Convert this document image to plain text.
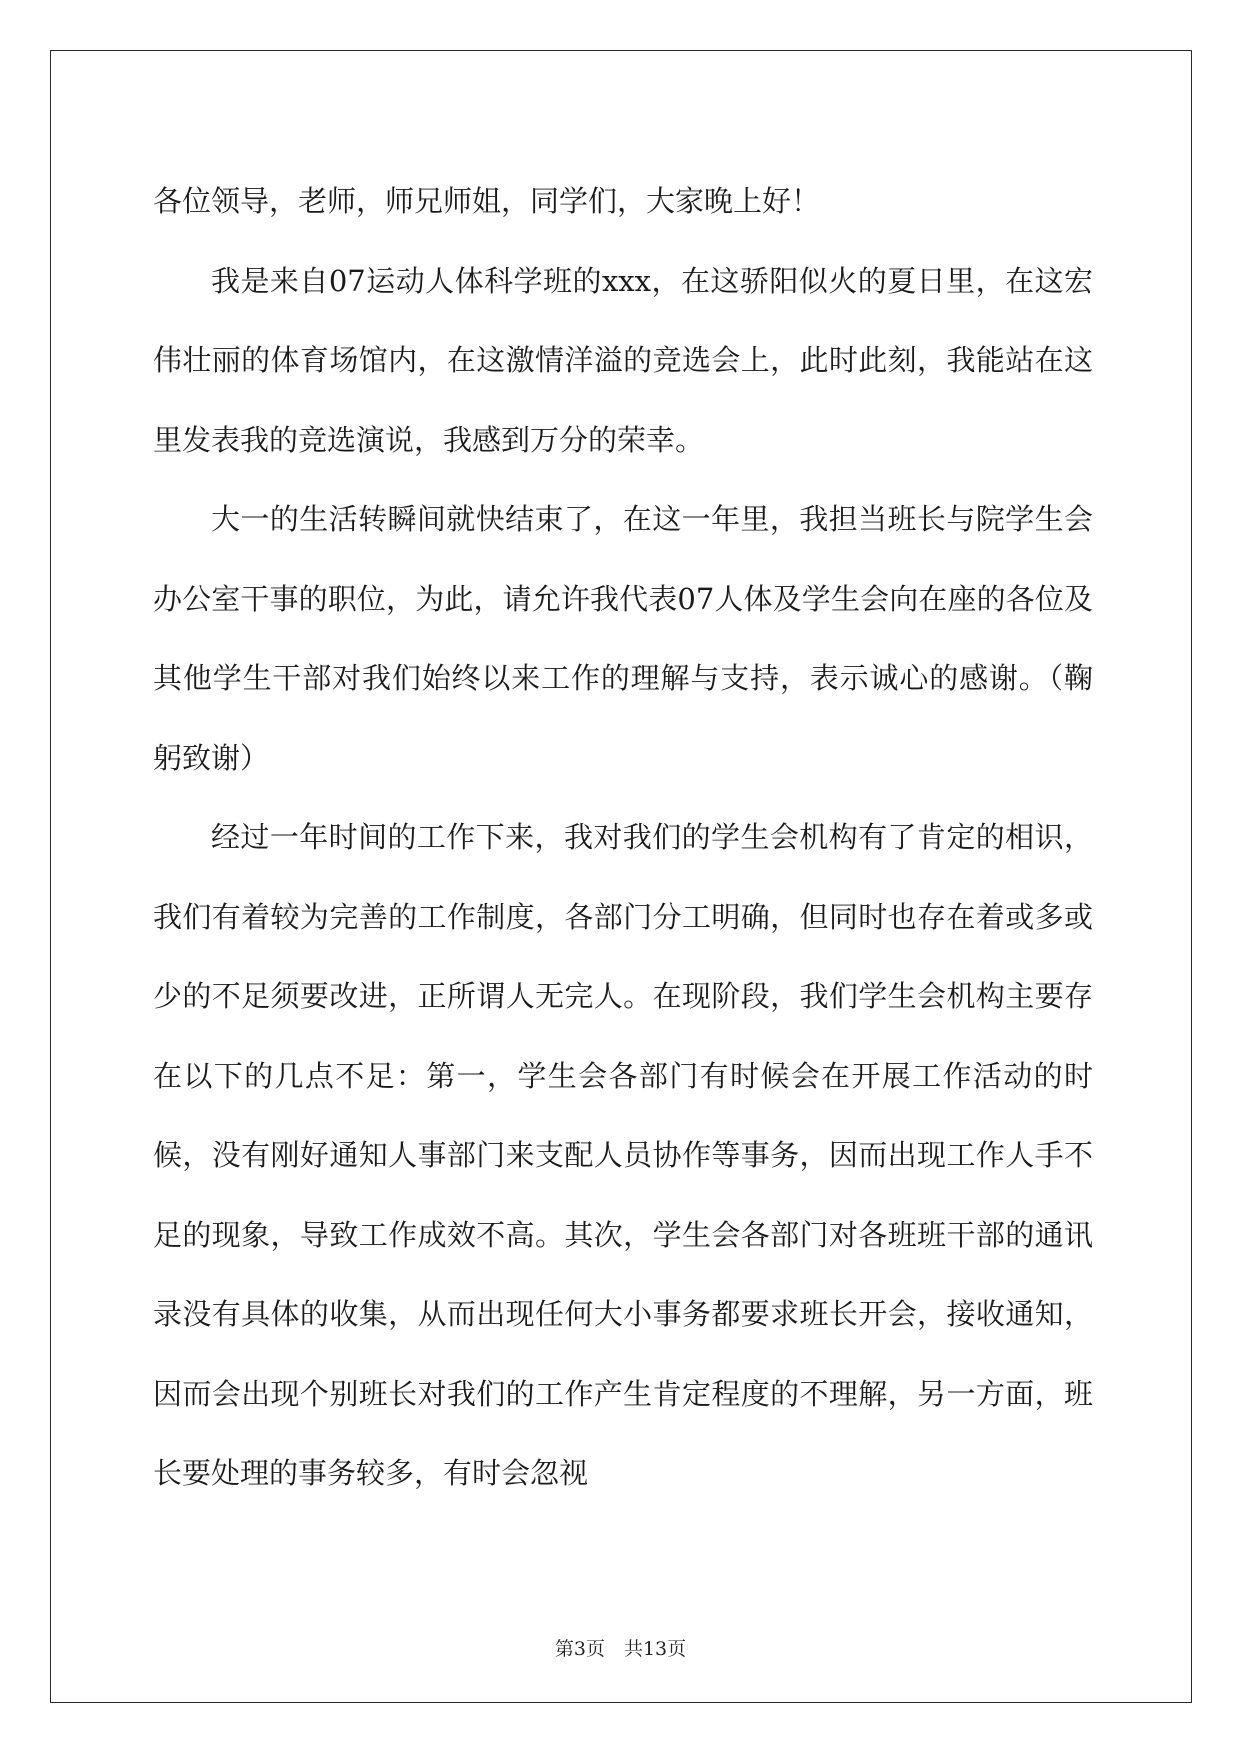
各位领导，老师，师兄师姐，同学们，大家晚上好！

我是来自07运动人体科学班的xxx，在这骄阳似火的夏日里，在这宏伟壮丽的体育场馆内，在这激情洋溢的竞选会上，此时此刻，我能站在这里发表我的竞选演说，我感到万分的荣幸。

大一的生活转瞬间就快结束了，在这一年里，我担当班长与院学生会办公室干事的职位，为此，请允许我代表07人体及学生会向在座的各位及其他学生干部对我们始终以来工作的理解与支持，表示诚心的感谢。（鞠躬致谢）

经过一年时间的工作下来，我对我们的学生会机构有了肯定的相识，我们有着较为完善的工作制度，各部门分工明确，但同时也存在着或多或少的不足须要改进，正所谓人无完人。在现阶段，我们学生会机构主要存在以下的几点不足：第一，学生会各部门有时候会在开展工作活动的时候，没有刚好通知人事部门来支配人员协作等事务，因而出现工作人手不足的现象，导致工作成效不高。其次，学生会各部门对各班班干部的通讯录没有具体的收集，从而出现任何大小事务都要求班长开会，接收通知，因而会出现个别班长对我们的工作产生肯定程度的不理解，另一方面，班长要处理的事务较多，有时会忽视

第3页　共13页
